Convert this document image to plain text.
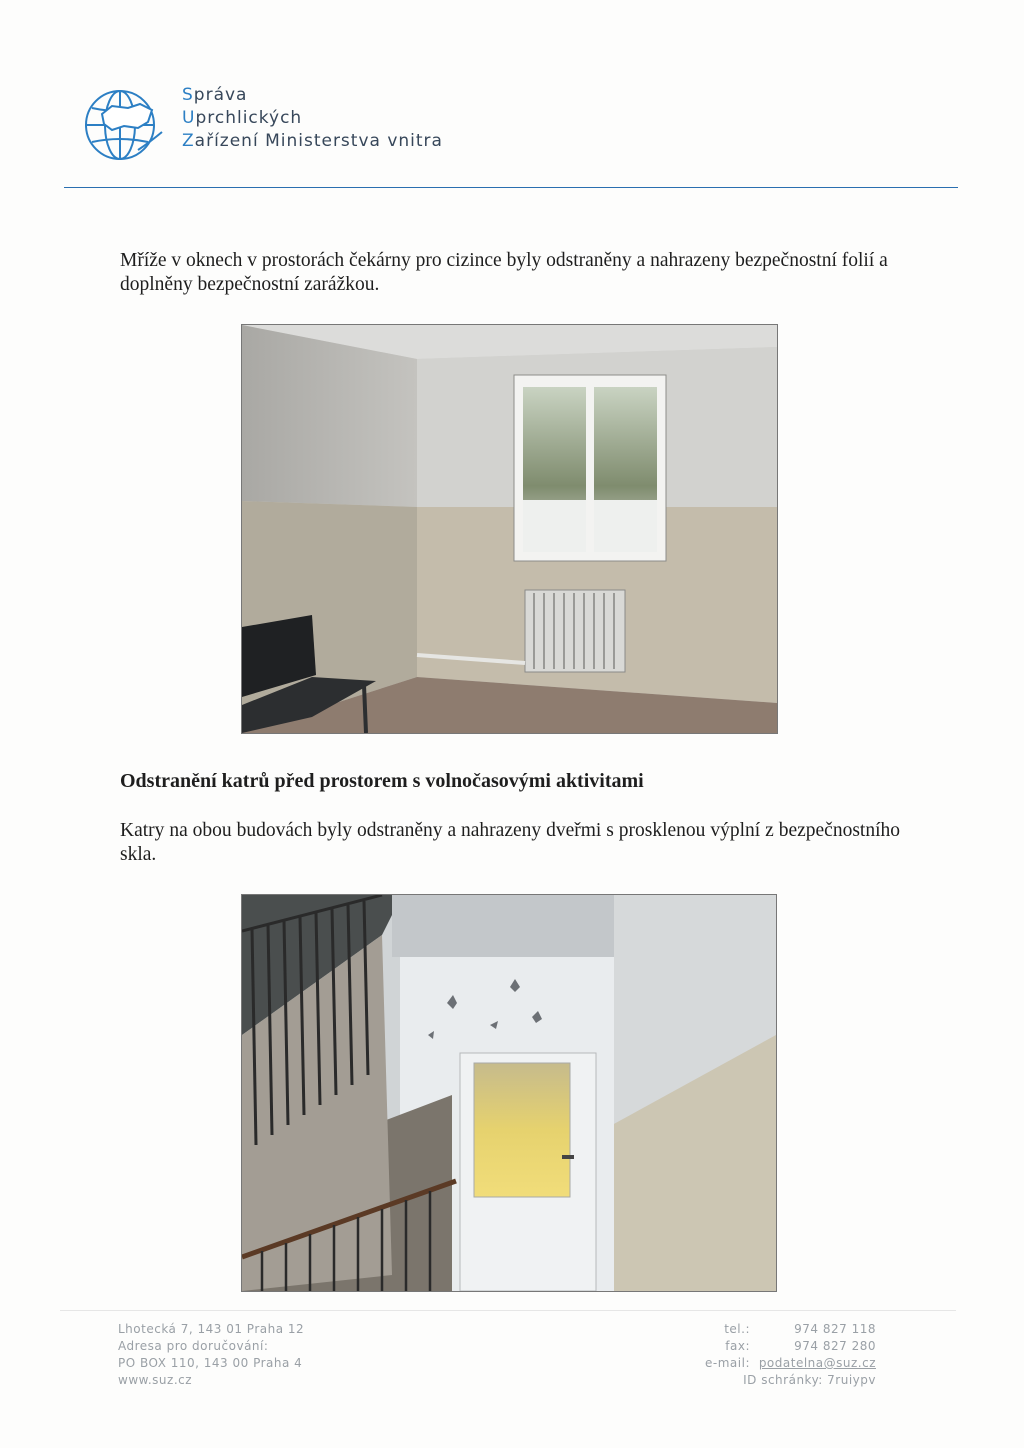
Správa
Uprchlických
Zařízení Ministerstva vnitra
Mříže v oknech v prostorách čekárny pro cizince byly odstraněny a nahrazeny bezpečnostní folií a doplněny bezpečnostní zarážkou.
Odstranění katrů před prostorem s volnočasovými aktivitami
Katry na obou budovách byly odstraněny a nahrazeny dveřmi s prosklenou výplní z bezpečnostního skla.
Lhotecká 7, 143 01 Praha 12
Adresa pro doručování:
PO BOX 110, 143 00 Praha 4
www.suz.cz
tel.:	974 827 118
fax:	974 827 280
e-mail: podatelna@suz.cz
ID schránky: 7ruiypv
